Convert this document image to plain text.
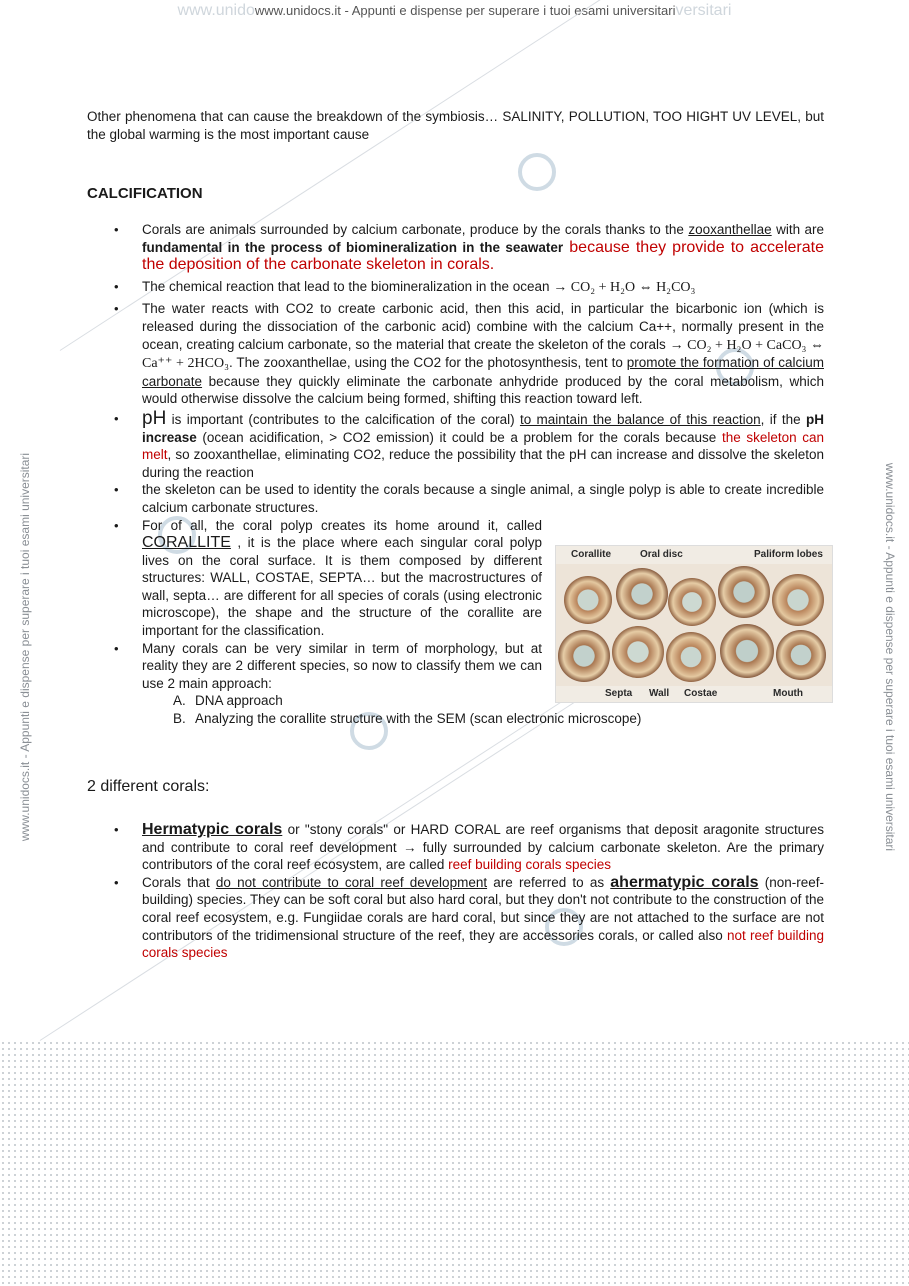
www.unidowww.unidocs.it - Appunti e dispense per superare i tuoi esami universitariversitari
www.unidocs.it - Appunti e dispense per superare i tuoi esami universitari	www.unidocs.it - Appunti e dispense per superare i tuoi esami universitari

Other phenomena that can cause the breakdown of the symbiosis… SALINITY, POLLUTION, TOO HIGHT UV LEVEL, but the global warming is the most important cause

CALCIFICATION
• Corals are animals surrounded by calcium carbonate, produce by the corals thanks to the zooxanthellae with are fundamental in the process of biomineralization in the seawater because they provide to accelerate the deposition of the carbonate skeleton in corals.
• The chemical reaction that lead to the biomineralization in the ocean → CO₂ + H₂O ⇔ H₂CO₃
• The water reacts with CO2 to create carbonic acid, then this acid, in particular the bicarbonic ion (which is released during the dissociation of the carbonic acid) combine with the calcium Ca++, normally present in the ocean, creating calcium carbonate, so the material that create the skeleton of the corals → CO₂ + H₂O + CaCO₃ ⇔ Ca⁺⁺ + 2HCO₃. The zooxanthellae, using the CO2 for the photosynthesis, tent to promote the formation of calcium carbonate because they quickly eliminate the carbonate anhydride produced by the coral metabolism, which would otherwise dissolve the calcium being formed, shifting this reaction toward left.
• pH is important (contributes to the calcification of the coral) to maintain the balance of this reaction, if the pH increase (ocean acidification, > CO2 emission) it could be a problem for the corals because the skeleton can melt, so zooxanthellae, eliminating CO2, reduce the possibility that the pH can increase and dissolve the skeleton during the reaction
• the skeleton can be used to identity the corals because a single animal, a single polyp is able to create incredible calcium carbonate structures.
• For of all, the coral polyp creates its home around it, called CORALLITE , it is the place where each singular coral polyp lives on the coral surface. It is them composed by different structures: WALL, COSTAE, SEPTA… but the macrostructures of wall, septa… are different for all species of corals (using electronic microscope), the shape and the structure of the corallite are important for the classification.
• Many corals can be very similar in term of morphology, but at reality they are 2 different species, so now to classify them we can use 2 main approach:
A. DNA approach
B. Analyzing the corallite structure with the SEM (scan electronic microscope)
Corallite	Oral disc	Paliform lobes
Septa Wall Costae	Mouth
2 different corals:
• Hermatypic corals or "stony corals" or HARD CORAL are reef organisms that deposit aragonite structures and contribute to coral reef development → fully surrounded by calcium carbonate skeleton. Are the primary contributors of the coral reef ecosystem, are called reef building corals species
• Corals that do not contribute to coral reef development are referred to as ahermatypic corals (non-reef-building) species. They can be soft coral but also hard coral, but they don't not contribute to the construction of the coral reef ecosystem, e.g. Fungiidae corals are hard coral, but since they are not attached to the surface are not contributors of the tridimensional structure of the reef, they are accessories corals, or called also not reef building corals species
